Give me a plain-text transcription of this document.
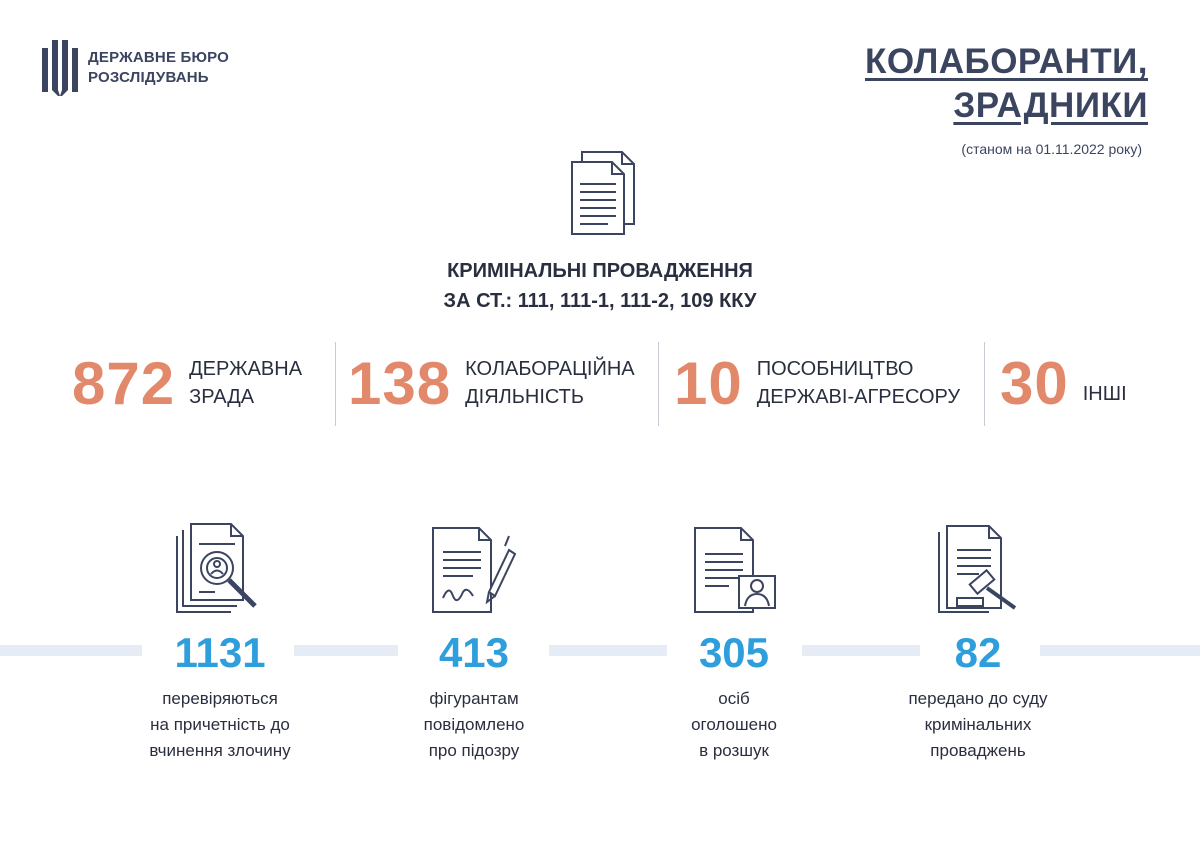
ДЕРЖАВНЕ БЮРО
РОЗСЛІДУВАНЬ	КОЛАБОРАНТИ,
ЗРАДНИКИ
(станом на 01.11.2022 року)
КРИМІНАЛЬНІ ПРОВАДЖЕННЯ
ЗА СТ.: 111, 111-1, 111-2, 109 ККУ
872 ДЕРЖАВНА
ЗРАДА	138 КОЛАБОРАЦІЙНА
ДІЯЛЬНІСТЬ	10 ПОСОБНИЦТВО
ДЕРЖАВІ-АГРЕСОРУ 30 ІНШІ
1131
перевіряються
на причетність до
вчинення злочину
413
фігурантам
повідомлено
про підозру
305
осіб
оголошено
в розшук
82
передано до суду
кримінальних
проваджень
